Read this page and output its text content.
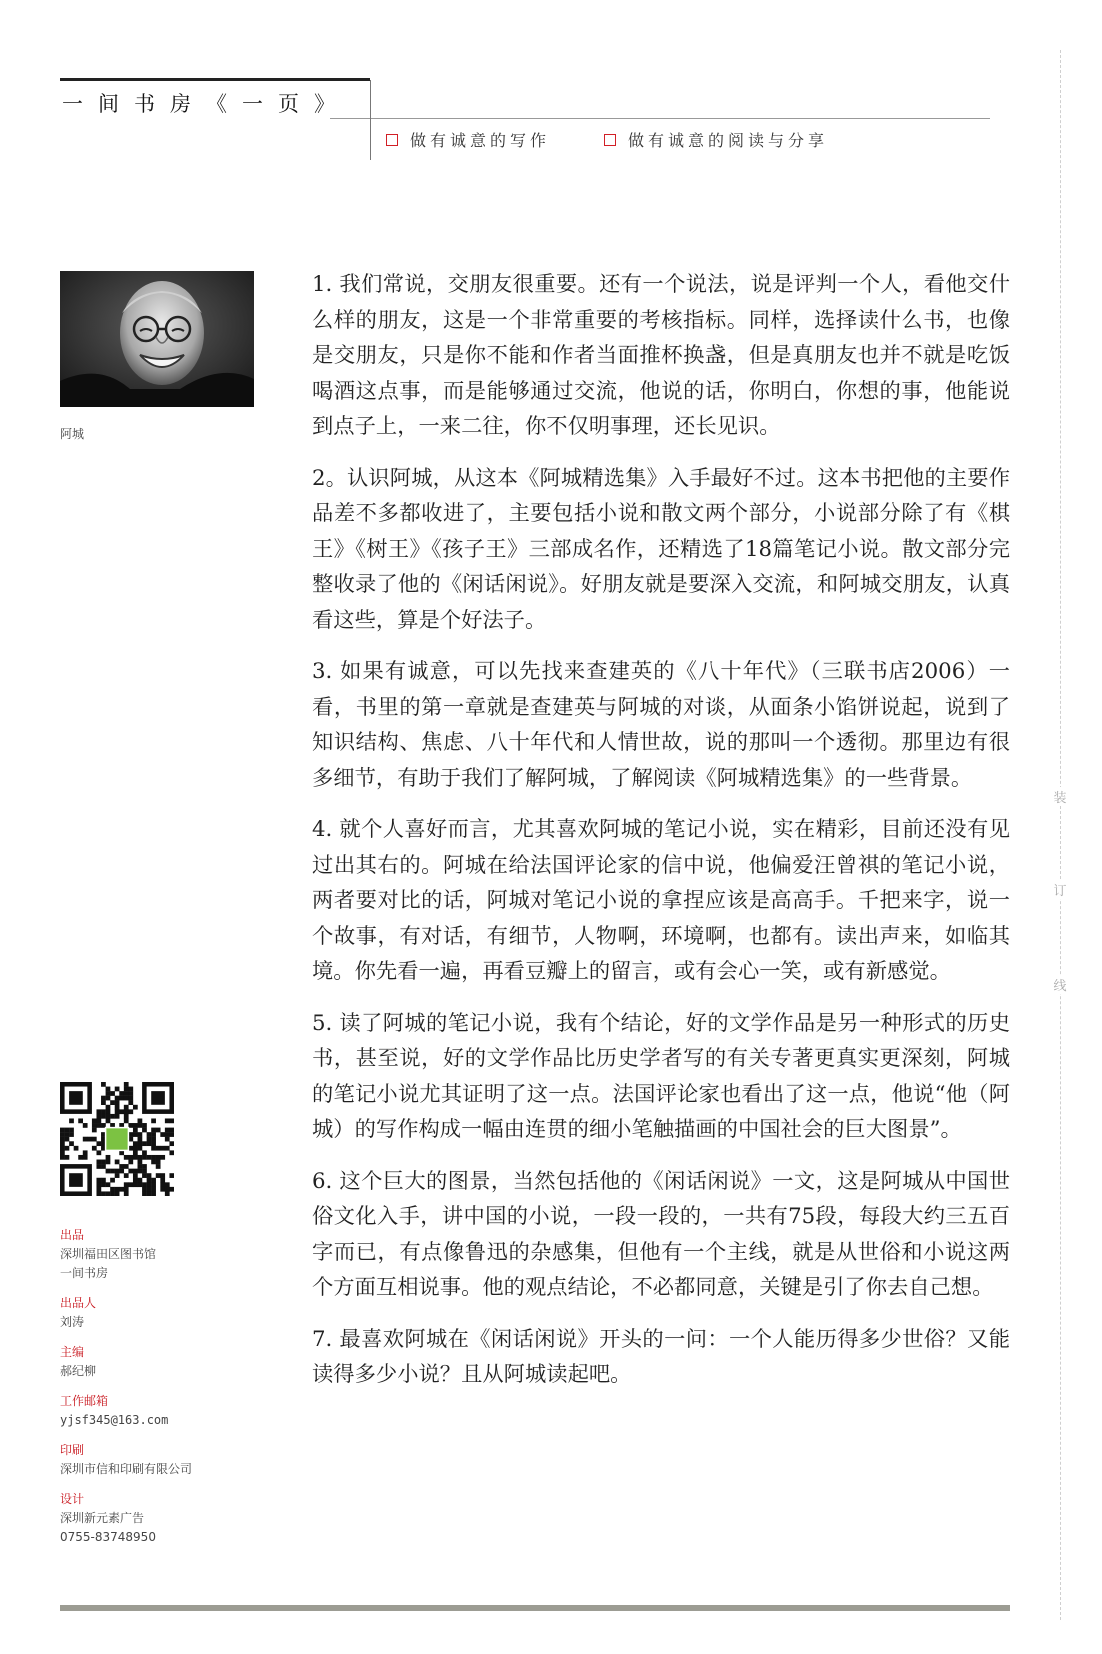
一间书房《一页》
做有诚意的写作	做有诚意的阅读与分享
装
订
线
阿城
出品
深圳福田区图书馆
一间书房
出品人
刘涛
主编
郝纪柳
工作邮箱
yjsf345@163.com
印刷
深圳市信和印刷有限公司
设计
深圳新元素广告
0755-83748950

1. 我们常说，交朋友很重要。还有一个说法，说是评判一个人，看他交什么样的朋友，这是一个非常重要的考核指标。同样，选择读什么书，也像是交朋友，只是你不能和作者当面推杯换盏，但是真朋友也并不就是吃饭喝酒这点事，而是能够通过交流，他说的话，你明白，你想的事，他能说到点子上，一来二往，你不仅明事理，还长见识。

2。认识阿城，从这本《阿城精选集》入手最好不过。这本书把他的主要作品差不多都收进了，主要包括小说和散文两个部分，小说部分除了有《棋王》《树王》《孩子王》三部成名作，还精选了18篇笔记小说。散文部分完整收录了他的《闲话闲说》。好朋友就是要深入交流，和阿城交朋友，认真看这些，算是个好法子。

3. 如果有诚意，可以先找来查建英的《八十年代》（三联书店2006）一看，书里的第一章就是查建英与阿城的对谈，从面条小馅饼说起，说到了知识结构、焦虑、八十年代和人情世故，说的那叫一个透彻。那里边有很多细节，有助于我们了解阿城，了解阅读《阿城精选集》的一些背景。

4. 就个人喜好而言，尤其喜欢阿城的笔记小说，实在精彩，目前还没有见过出其右的。阿城在给法国评论家的信中说，他偏爱汪曾祺的笔记小说，两者要对比的话，阿城对笔记小说的拿捏应该是高高手。千把来字，说一个故事，有对话，有细节，人物啊，环境啊，也都有。读出声来，如临其境。你先看一遍，再看豆瓣上的留言，或有会心一笑，或有新感觉。

5. 读了阿城的笔记小说，我有个结论，好的文学作品是另一种形式的历史书，甚至说，好的文学作品比历史学者写的有关专著更真实更深刻，阿城的笔记小说尤其证明了这一点。法国评论家也看出了这一点，他说“他（阿城）的写作构成一幅由连贯的细小笔触描画的中国社会的巨大图景”。

6. 这个巨大的图景，当然包括他的《闲话闲说》一文，这是阿城从中国世俗文化入手，讲中国的小说，一段一段的，一共有75段，每段大约三五百字而已，有点像鲁迅的杂感集，但他有一个主线，就是从世俗和小说这两个方面互相说事。他的观点结论，不必都同意，关键是引了你去自己想。

7. 最喜欢阿城在《闲话闲说》开头的一问：一个人能历得多少世俗？又能读得多少小说？且从阿城读起吧。
